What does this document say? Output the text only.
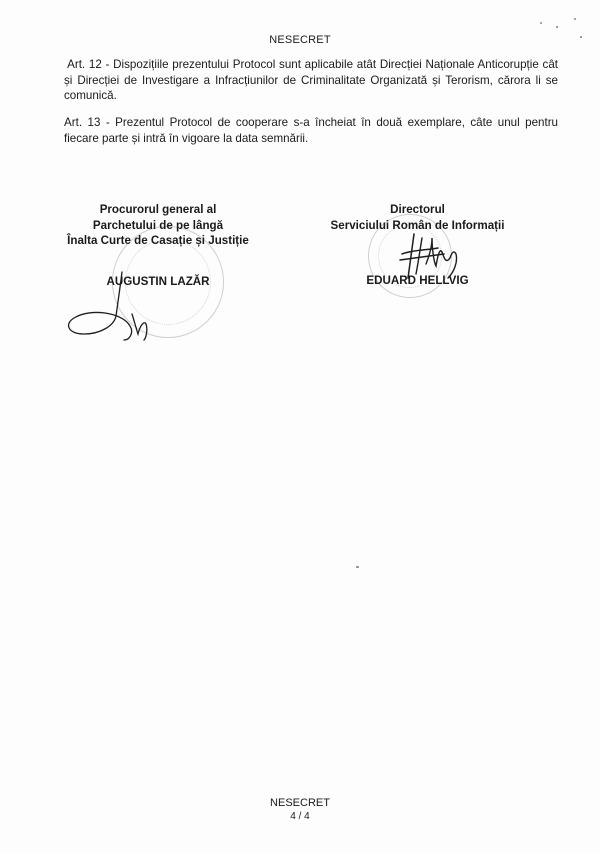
NESECRET
Art. 12 - Dispozițiile prezentului Protocol sunt aplicabile atât Direcției Naționale Anticorupție cât și Direcției de Investigare a Infracțiunilor de Criminalitate Organizată și Terorism, cărora li se comunică.
Art. 13 - Prezentul Protocol de cooperare s-a încheiat în două exemplare, câte unul pentru fiecare parte și intră în vigoare la data semnării.
Procurorul general al
Parchetului de pe lângă
Înalta Curte de Casație și Justiție
AUGUSTIN LAZĂR
Directorul
Serviciului Român de Informații
EDUARD HELLVIG
NESECRET
4 / 4
